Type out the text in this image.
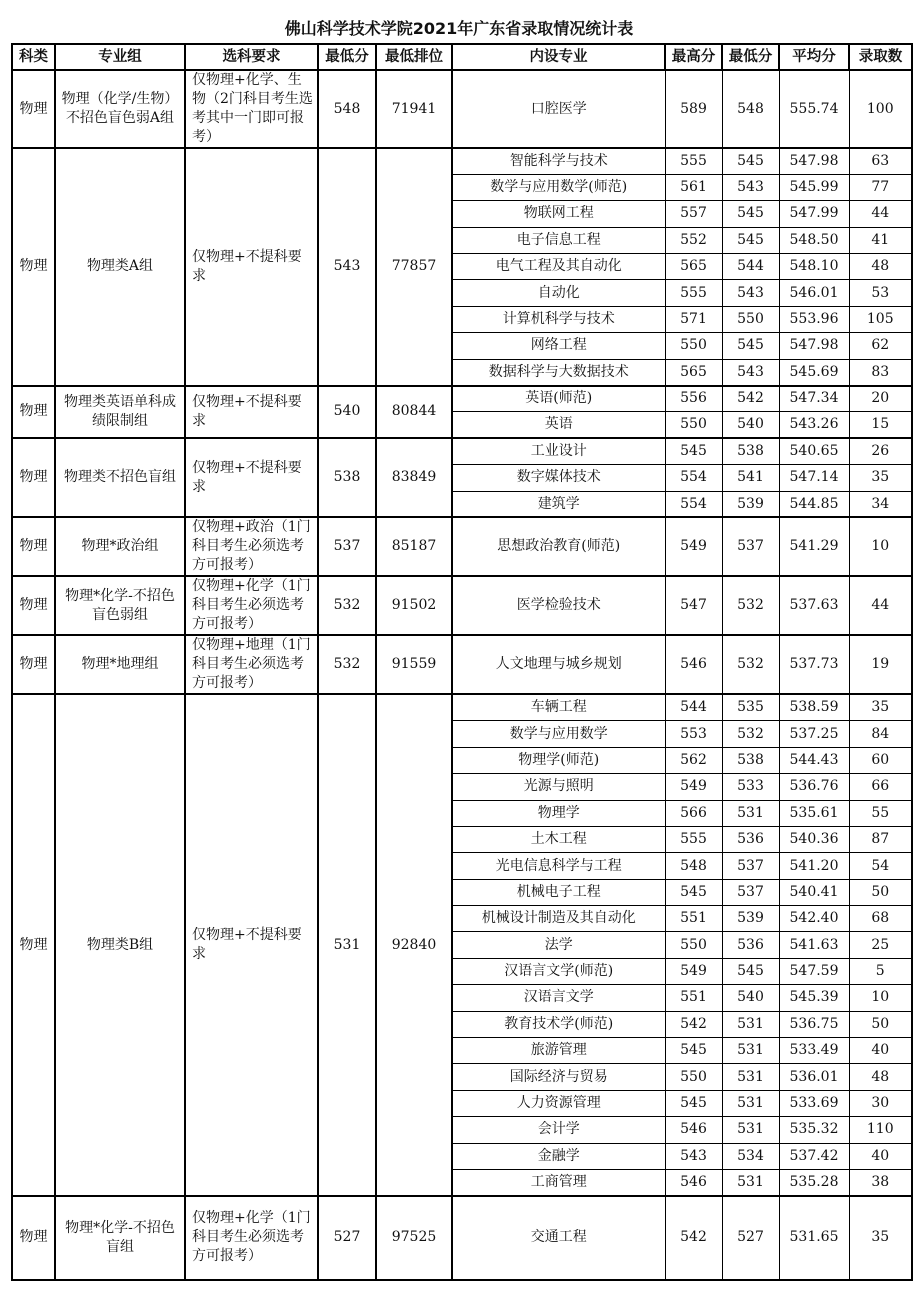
佛山科学技术学院2021年广东省录取情况统计表
科类	专业组	选科要求	最低分	最低排位	内设专业	最高分	最低分	平均分	录取数
物理	物理（化学/生物）不招色盲色弱A组	仅物理+化学、生物（2门科目考生选考其中一门即可报考）	548	71941	口腔医学	589	548	555.74	100
物理	物理类A组	仅物理+不提科要求	543	77857	智能科学与技术	555	545	547.98	63
					数学与应用数学(师范)	561	543	545.99	77
					物联网工程	557	545	547.99	44
					电子信息工程	552	545	548.50	41
					电气工程及其自动化	565	544	548.10	48
					自动化	555	543	546.01	53
					计算机科学与技术	571	550	553.96	105
					网络工程	550	545	547.98	62
					数据科学与大数据技术	565	543	545.69	83
物理	物理类英语单科成绩限制组	仅物理+不提科要求	540	80844	英语(师范)	556	542	547.34	20
					英语	550	540	543.26	15
物理	物理类不招色盲组	仅物理+不提科要求	538	83849	工业设计	545	538	540.65	26
					数字媒体技术	554	541	547.14	35
					建筑学	554	539	544.85	34
物理	物理*政治组	仅物理+政治（1门科目考生必须选考方可报考）	537	85187	思想政治教育(师范)	549	537	541.29	10
物理	物理*化学-不招色盲色弱组	仅物理+化学（1门科目考生必须选考方可报考）	532	91502	医学检验技术	547	532	537.63	44
物理	物理*地理组	仅物理+地理（1门科目考生必须选考方可报考）	532	91559	人文地理与城乡规划	546	532	537.73	19
物理	物理类B组	仅物理+不提科要求	531	92840	车辆工程	544	535	538.59	35
					数学与应用数学	553	532	537.25	84
					物理学(师范)	562	538	544.43	60
					光源与照明	549	533	536.76	66
					物理学	566	531	535.61	55
					土木工程	555	536	540.36	87
					光电信息科学与工程	548	537	541.20	54
					机械电子工程	545	537	540.41	50
					机械设计制造及其自动化	551	539	542.40	68
					法学	550	536	541.63	25
					汉语言文学(师范)	549	545	547.59	5
					汉语言文学	551	540	545.39	10
					教育技术学(师范)	542	531	536.75	50
					旅游管理	545	531	533.49	40
					国际经济与贸易	550	531	536.01	48
					人力资源管理	545	531	533.69	30
					会计学	546	531	535.32	110
					金融学	543	534	537.42	40
					工商管理	546	531	535.28	38
物理	物理*化学-不招色盲组	仅物理+化学（1门科目考生必须选考方可报考）	527	97525	交通工程	542	527	531.65	35
